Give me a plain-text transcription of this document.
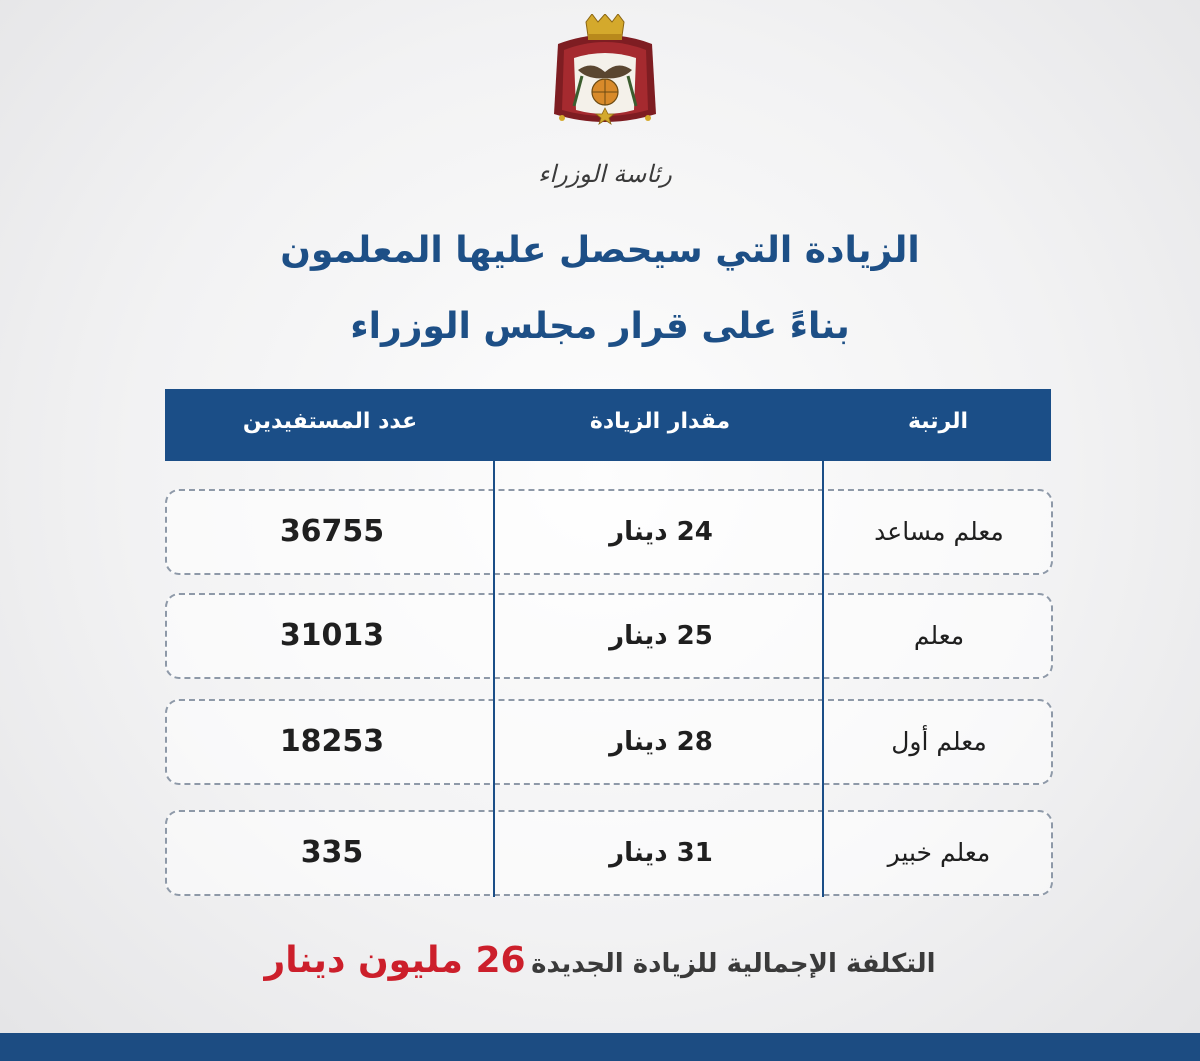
رئاسة الوزراء
الزيادة التي سيحصل عليها المعلمون
بناءً على قرار مجلس الوزراء
الرتبة
مقدار الزيادة
عدد المستفيدين
معلم مساعد
24 دينار
36755
معلم
25 دينار
31013
معلم أول
28 دينار
18253
معلم خبير
31 دينار
335
التكلفة الإجمالية للزيادة الجديدة 26 مليون دينار
